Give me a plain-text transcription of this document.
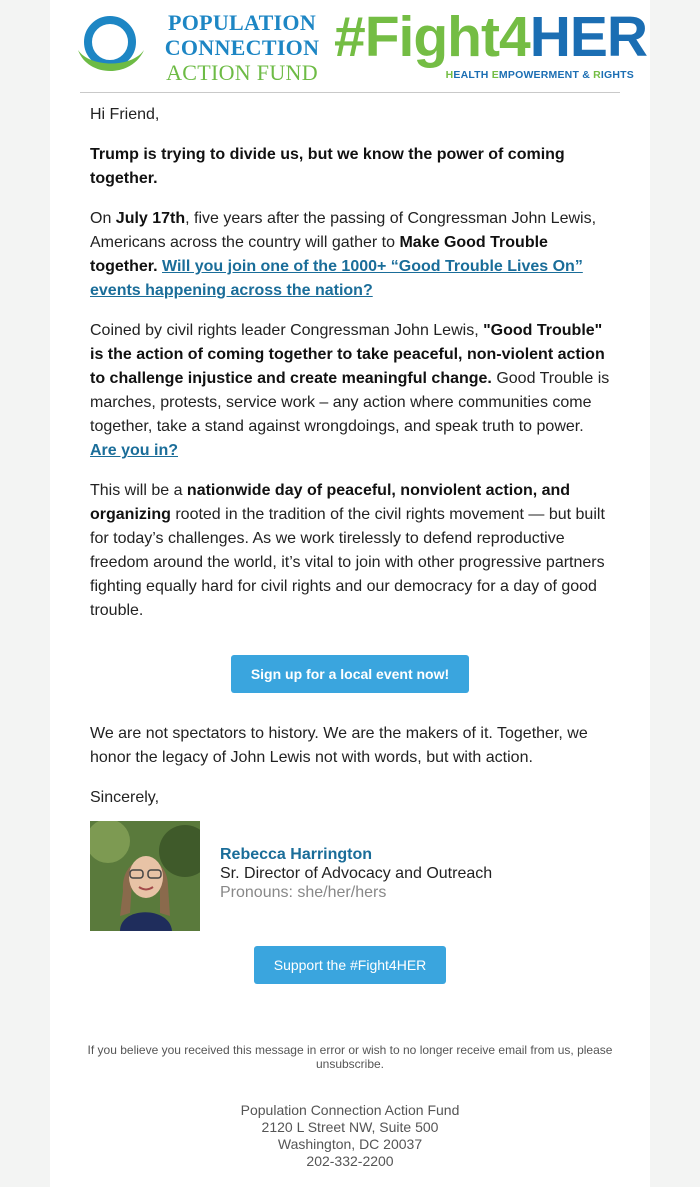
POPULATION
CONNECTION
ACTION FUND
#Fight4HER
HEALTH EMPOWERMENT & RIGHTS

Hi Friend,

Trump is trying to divide us, but we know the power of coming together.

On July 17th, five years after the passing of Congressman John Lewis, Americans across the country will gather to Make Good Trouble together. Will you join one of the 1000+ “Good Trouble Lives On” events happening across the nation?

Coined by civil rights leader Congressman John Lewis, "Good Trouble" is the action of coming together to take peaceful, non-violent action to challenge injustice and create meaningful change. Good Trouble is marches, protests, service work – any action where communities come together, take a stand against wrongdoings, and speak truth to power. Are you in?

This will be a nationwide day of peaceful, nonviolent action, and organizing rooted in the tradition of the civil rights movement — but built for today’s challenges. As we work tirelessly to defend reproductive freedom around the world, it’s vital to join with other progressive partners fighting equally hard for civil rights and our democracy for a day of good trouble.

Sign up for a local event now!

We are not spectators to history. We are the makers of it. Together, we honor the legacy of John Lewis not with words, but with action.

Sincerely,

Rebecca Harrington
Sr. Director of Advocacy and Outreach
Pronouns: she/her/hers
Support the #Fight4HER
If you believe you received this message in error or wish to no longer receive email from us, please unsubscribe.
Population Connection Action Fund
2120 L Street NW, Suite 500
Washington, DC 20037
202-332-2200
